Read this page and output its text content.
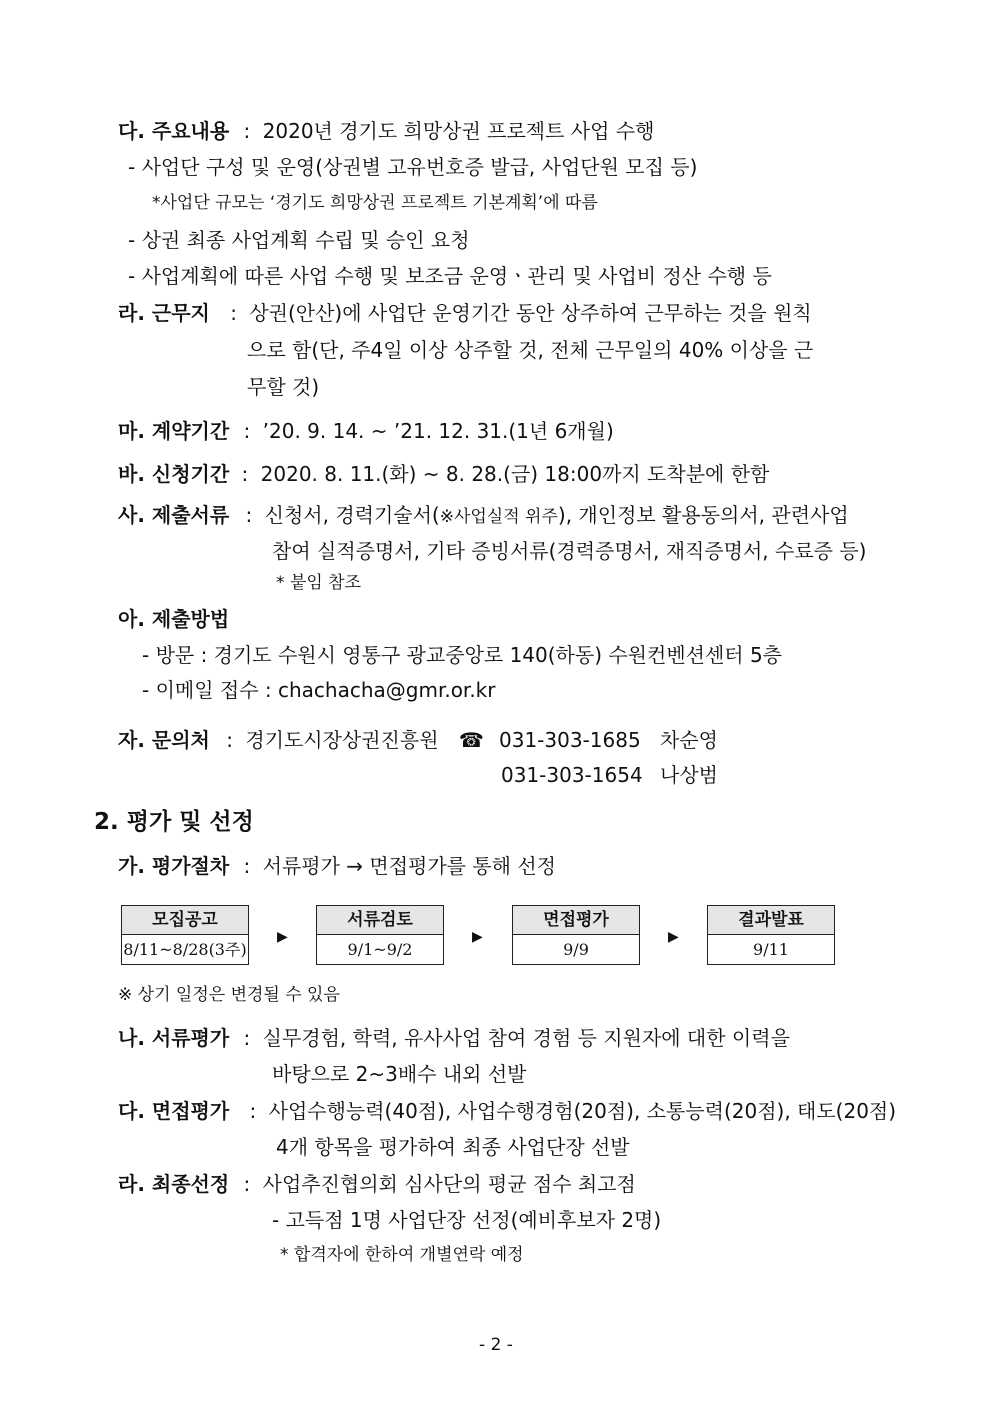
다. 주요내용 : 2020년 경기도 희망상권 프로젝트 사업 수행
- 사업단 구성 및 운영(상권별 고유번호증 발급, 사업단원 모집 등)
*사업단 규모는 ‘경기도 희망상권 프로젝트 기본계획’에 따름
- 상권 최종 사업계획 수립 및 승인 요청
- 사업계획에 따른 사업 수행 및 보조금 운영ㆍ관리 및 사업비 정산 수행 등
라. 근무지 : 상권(안산)에 사업단 운영기간 동안 상주하여 근무하는 것을 원칙
으로 함(단, 주4일 이상 상주할 것, 전체 근무일의 40% 이상을 근
무할 것)
마. 계약기간 : ’20. 9. 14. ~ ’21. 12. 31.(1년 6개월)
바. 신청기간 : 2020. 8. 11.(화) ~ 8. 28.(금) 18:00까지 도착분에 한함
사. 제출서류 : 신청서, 경력기술서(※사업실적 위주), 개인정보 활용동의서, 관련사업
참여 실적증명서, 기타 증빙서류(경력증명서, 재직증명서, 수료증 등)
* 붙임 참조
아. 제출방법
- 방문 : 경기도 수원시 영통구 광교중앙로 140(하동) 수원컨벤션센터 5층
- 이메일 접수 : chachacha@gmr.or.kr
자. 문의처 : 경기도시장상권진흥원 ☎ 031-303-1685 차순영
031-303-1654 나상범
2. 평가 및 선정
가. 평가절차 : 서류평가 → 면접평가를 통해 선정
모집공고
8/11~8/28(3주)
▶
서류검토
9/1~9/2
▶
면접평가
9/9
▶
결과발표
9/11
※ 상기 일정은 변경될 수 있음
나. 서류평가 : 실무경험, 학력, 유사사업 참여 경험 등 지원자에 대한 이력을
바탕으로 2~3배수 내외 선발
다. 면접평가 : 사업수행능력(40점), 사업수행경험(20점), 소통능력(20점), 태도(20점)
4개 항목을 평가하여 최종 사업단장 선발
라. 최종선정 : 사업추진협의회 심사단의 평균 점수 최고점
- 고득점 1명 사업단장 선정(예비후보자 2명)
* 합격자에 한하여 개별연락 예정
- 2 -
